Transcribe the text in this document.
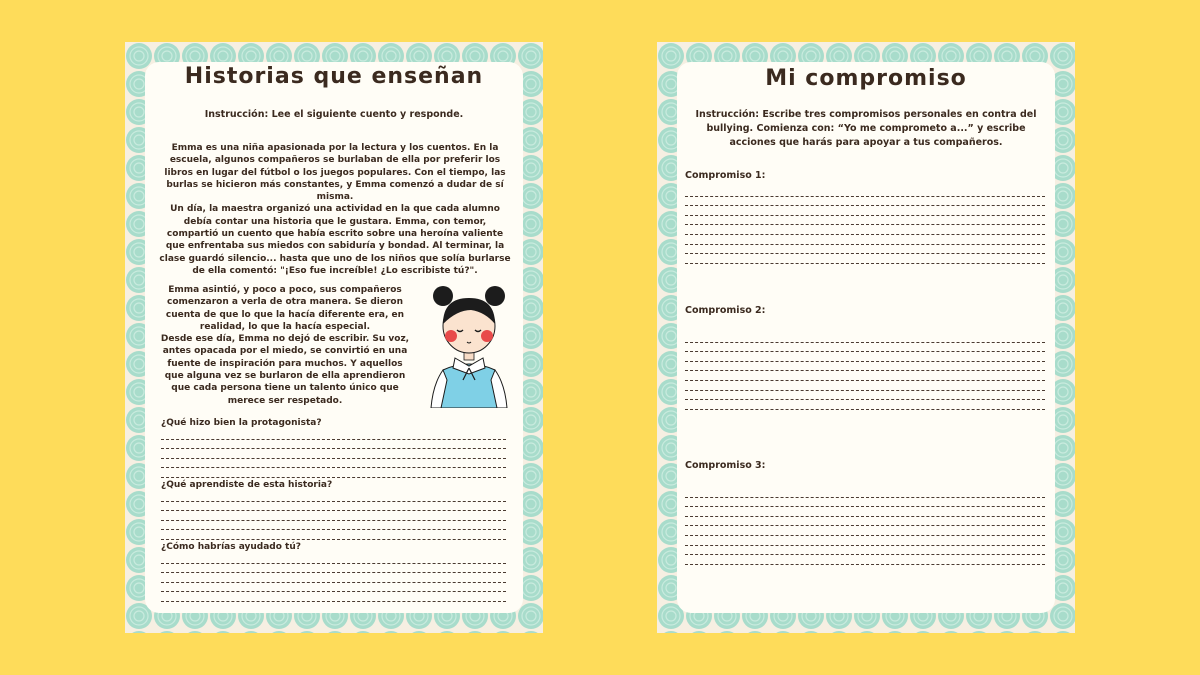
Historias que enseñan
Instrucción: Lee el siguiente cuento y responde.

Emma es una niña apasionada por la lectura y los cuentos. En la escuela, algunos compañeros se burlaban de ella por preferir los libros en lugar del fútbol o los juegos populares. Con el tiempo, las burlas se hicieron más constantes, y Emma comenzó a dudar de sí misma.

Un día, la maestra organizó una actividad en la que cada alumno debía contar una historia que le gustara. Emma, con temor, compartió un cuento que había escrito sobre una heroína valiente que enfrentaba sus miedos con sabiduría y bondad. Al terminar, la clase guardó silencio... hasta que uno de los niños que solía burlarse de ella comentó: "¡Eso fue increíble! ¿Lo escribiste tú?".

Emma asintió, y poco a poco, sus compañeros comenzaron a verla de otra manera. Se dieron cuenta de que lo que la hacía diferente era, en realidad, lo que la hacía especial.

Desde ese día, Emma no dejó de escribir. Su voz, antes opacada por el miedo, se convirtió en una fuente de inspiración para muchos. Y aquellos que alguna vez se burlaron de ella aprendieron que cada persona tiene un talento único que merece ser respetado.

¿Qué hizo bien la protagonista?
¿Qué aprendiste de esta historia?
¿Cómo habrías ayudado tú?
Mi compromiso
Instrucción: Escribe tres compromisos personales en contra del bullying. Comienza con: “Yo me comprometo a...” y escribe acciones que harás para apoyar a tus compañeros.
Compromiso 1:
Compromiso 2:
Compromiso 3:
